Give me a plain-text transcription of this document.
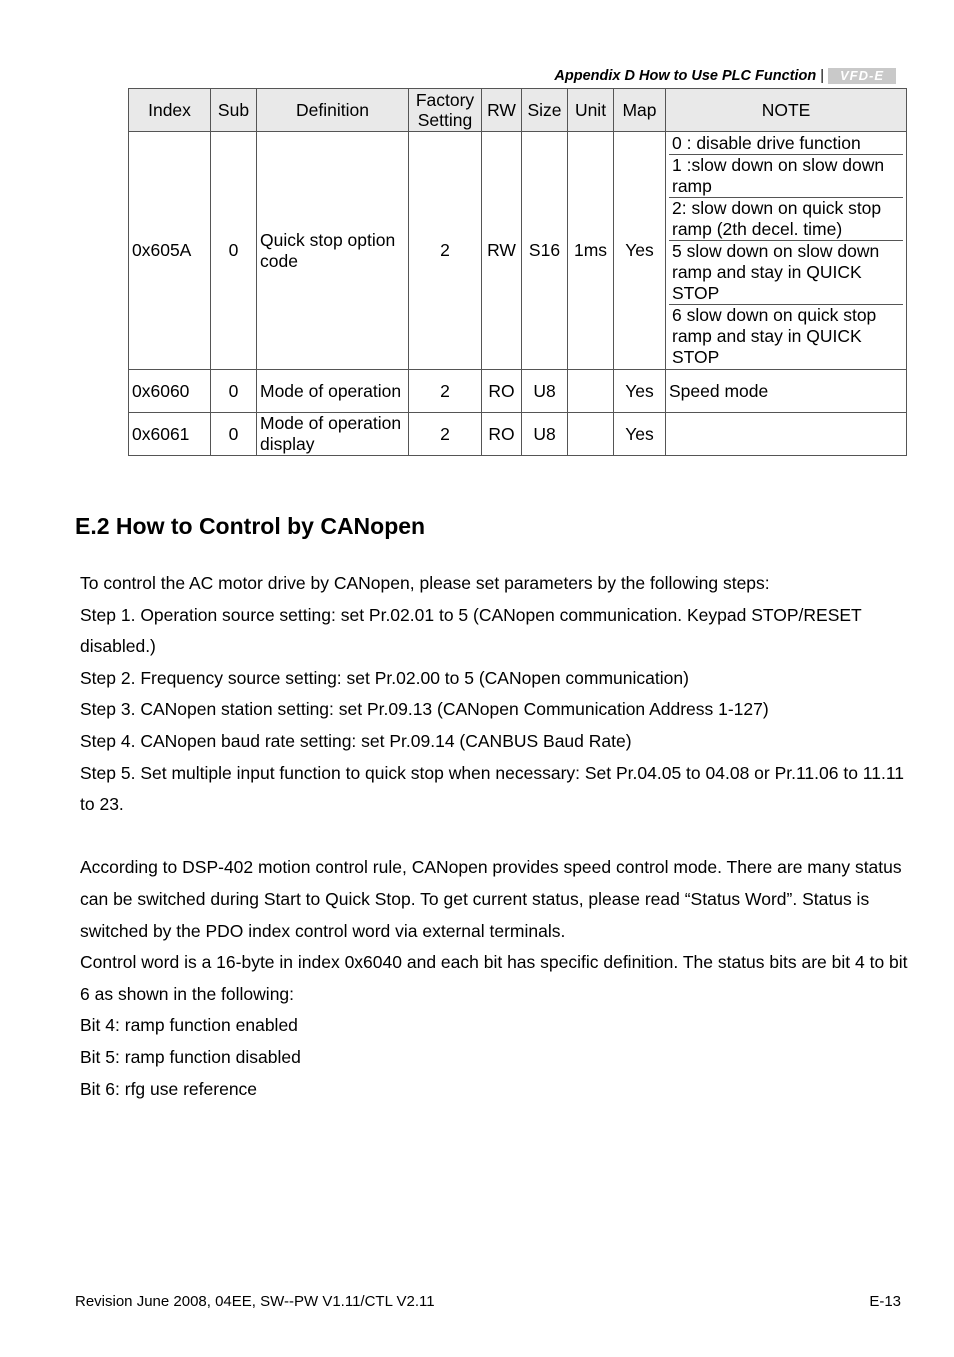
Appendix D How to Use PLC Function |	VFD-E
Index	Sub	Definition	Factory Setting	RW	Size	Unit	Map	NOTE
0x605A	0	Quick stop option code	2	RW	S16	1ms	Yes	0 : disable drive function
1 :slow down on slow down ramp
2: slow down on quick stop ramp (2th decel. time)
5 slow down on slow down ramp and stay in QUICK STOP
6 slow down on quick stop ramp and stay in QUICK STOP

0x6060	0	Mode of operation	2	RO	U8		Yes	Speed mode
0x6061	0	Mode of operation display	2	RO	U8		Yes	
E.2 How to Control by CANopen

To control the AC motor drive by CANopen, please set parameters by the following steps:

Step 1. Operation source setting: set Pr.02.01 to 5 (CANopen communication. Keypad STOP/RESET disabled.)

Step 2. Frequency source setting: set Pr.02.00 to 5 (CANopen communication)

Step 3. CANopen station setting: set Pr.09.13 (CANopen Communication Address 1-127)

Step 4. CANopen baud rate setting: set Pr.09.14 (CANBUS Baud Rate)

Step 5. Set multiple input function to quick stop when necessary: Set Pr.04.05 to 04.08 or Pr.11.06 to 11.11 to 23.

According to DSP-402 motion control rule, CANopen provides speed control mode. There are many status can be switched during Start to Quick Stop. To get current status, please read “Status Word”. Status is switched by the PDO index control word via external terminals.

Control word is a 16-byte in index 0x6040 and each bit has specific definition. The status bits are bit 4 to bit 6 as shown in the following:

Bit 4: ramp function enabled

Bit 5: ramp function disabled

Bit 6: rfg use reference

Revision June 2008, 04EE, SW--PW V1.11/CTL V2.11	E-13
